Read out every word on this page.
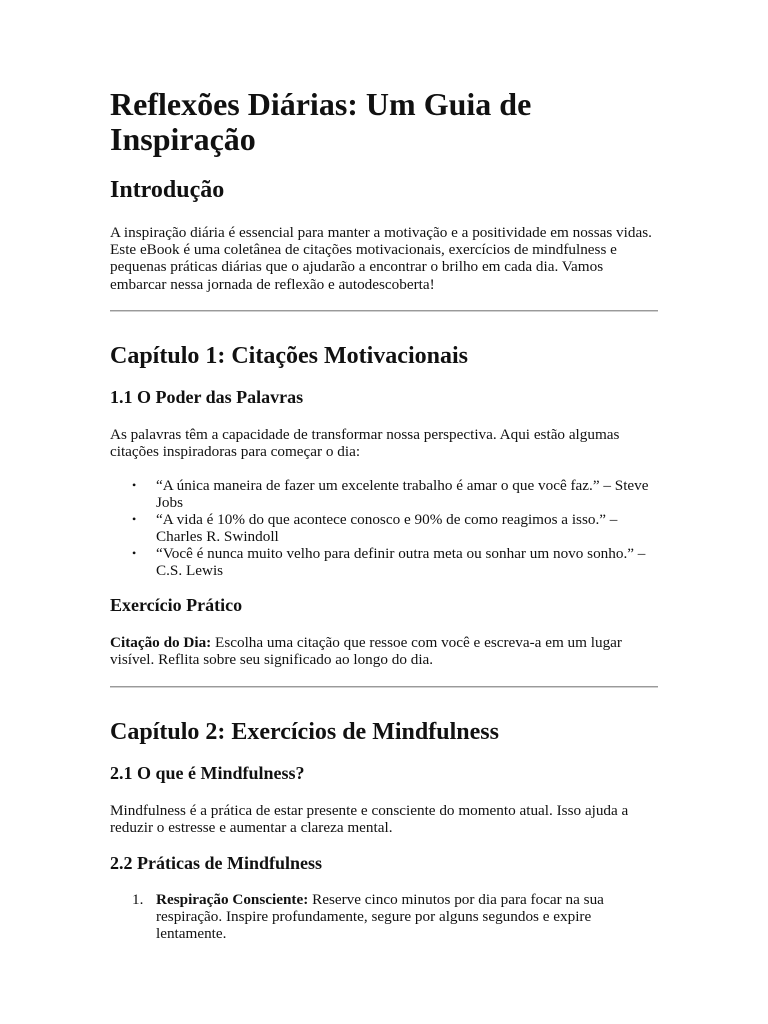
Reflexões Diárias: Um Guia de Inspiração
Introdução

A inspiração diária é essencial para manter a motivação e a positividade em nossas vidas. Este eBook é uma coletânea de citações motivacionais, exercícios de mindfulness e pequenas práticas diárias que o ajudarão a encontrar o brilho em cada dia. Vamos embarcar nessa jornada de reflexão e autodescoberta!

Capítulo 1: Citações Motivacionais
1.1 O Poder das Palavras

As palavras têm a capacidade de transformar nossa perspectiva. Aqui estão algumas citações inspiradoras para começar o dia:

• “A única maneira de fazer um excelente trabalho é amar o que você faz.” – Steve Jobs
• “A vida é 10% do que acontece conosco e 90% de como reagimos a isso.” – Charles R. Swindoll
• “Você é nunca muito velho para definir outra meta ou sonhar um novo sonho.” – C.S. Lewis
Exercício Prático

Citação do Dia: Escolha uma citação que ressoe com você e escreva-a em um lugar visível. Reflita sobre seu significado ao longo do dia.

Capítulo 2: Exercícios de Mindfulness
2.1 O que é Mindfulness?

Mindfulness é a prática de estar presente e consciente do momento atual. Isso ajuda a reduzir o estresse e aumentar a clareza mental.

2.2 Práticas de Mindfulness
1. Respiração Consciente: Reserve cinco minutos por dia para focar na sua respiração. Inspire profundamente, segure por alguns segundos e expire lentamente.
